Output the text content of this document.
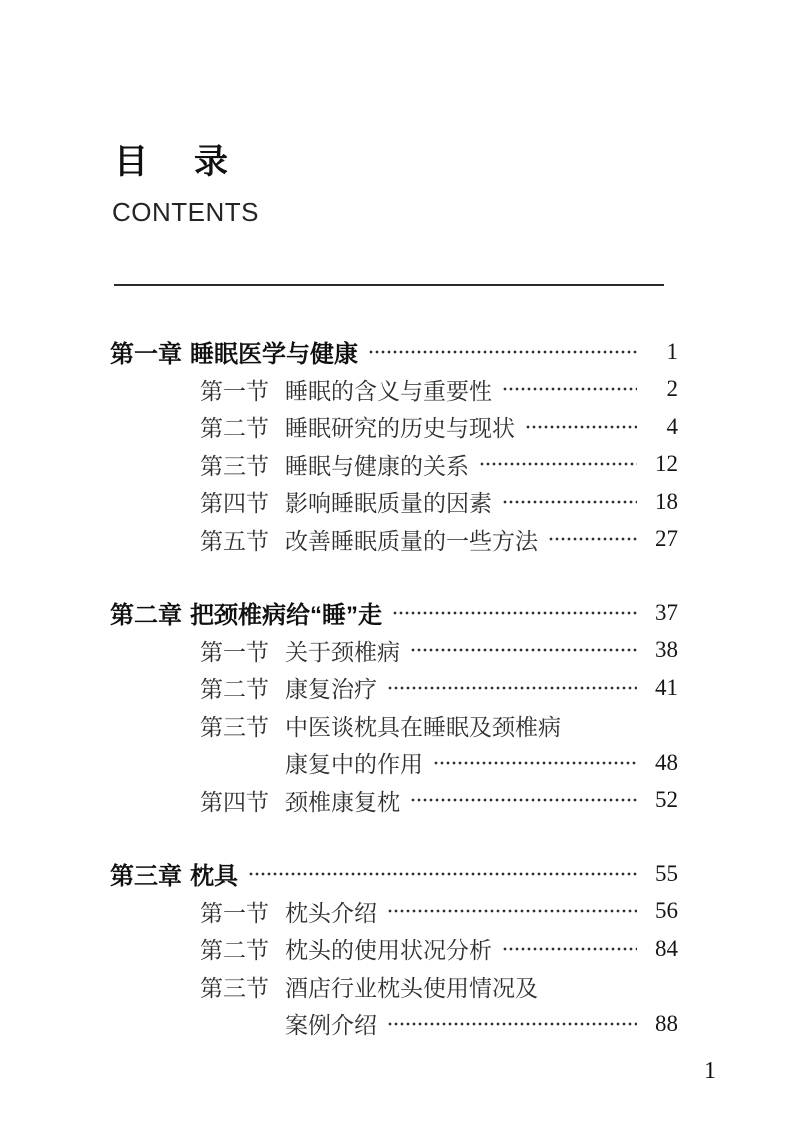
目　录
CONTENTS
第一章 睡眠医学与健康	1
第一节 睡眠的含义与重要性	2
第二节 睡眠研究的历史与现状	4
第三节 睡眠与健康的关系	12
第四节 影响睡眠质量的因素	18
第五节 改善睡眠质量的一些方法	27
第二章 把颈椎病给“睡”走	37
第一节 关于颈椎病	38
第二节 康复治疗	41
第三节 中医谈枕具在睡眠及颈椎病
康复中的作用	48
第四节 颈椎康复枕	52
第三章 枕具	55
第一节 枕头介绍	56
第二节 枕头的使用状况分析	84
第三节 酒店行业枕头使用情况及
案例介绍	88
1
